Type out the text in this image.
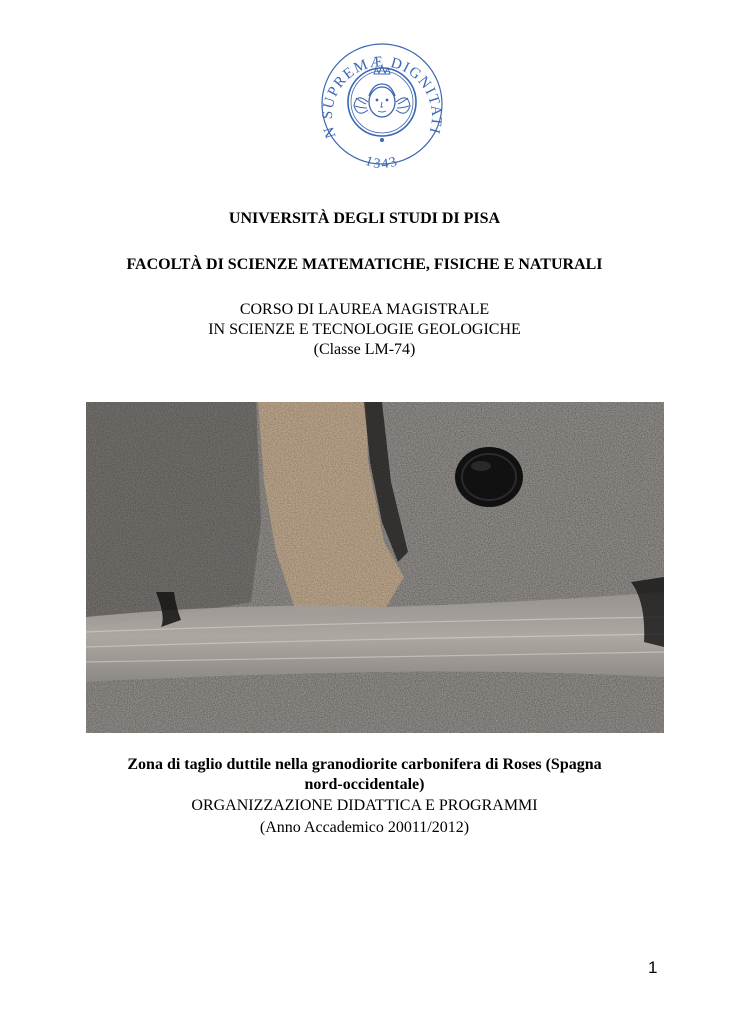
N SUPREMÆ DIGNITATI
1343
UNIVERSITÀ DEGLI STUDI DI PISA
FACOLTÀ DI SCIENZE MATEMATICHE, FISICHE E NATURALI
CORSO DI LAUREA MAGISTRALE
IN SCIENZE E TECNOLOGIE GEOLOGICHE
(Classe LM-74)
Zona di taglio duttile nella granodiorite carbonifera di Roses (Spagna
nord-occidentale)
ORGANIZZAZIONE DIDATTICA E PROGRAMMI
(Anno Accademico 20011/2012)
1
